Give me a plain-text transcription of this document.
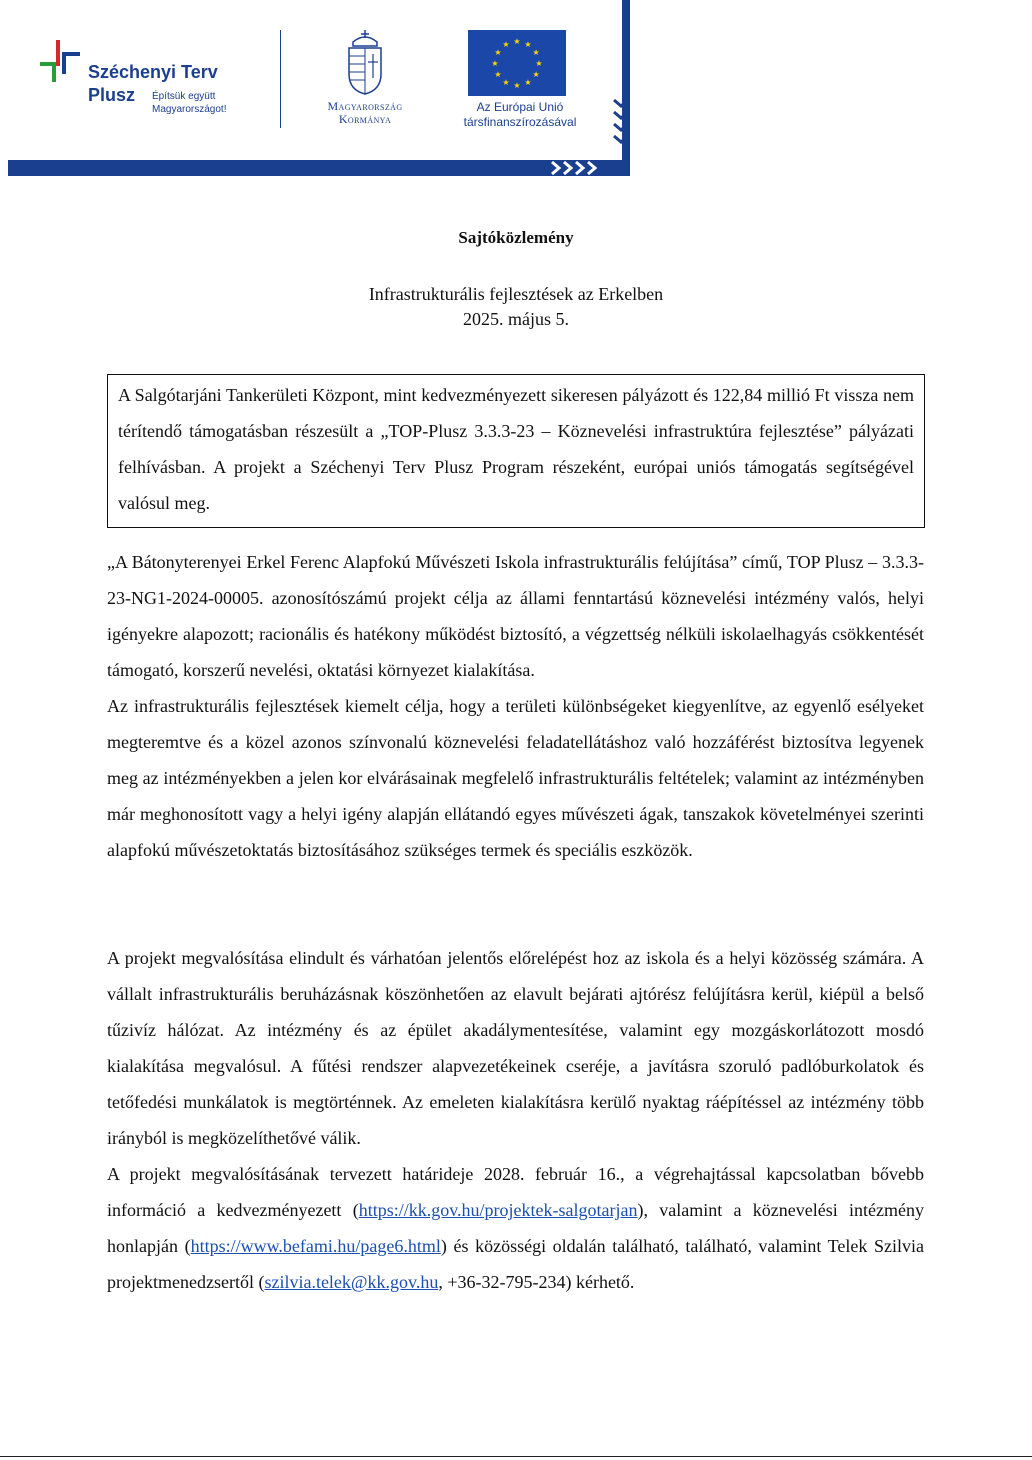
Széchenyi Terv
Plusz Építsük együtt Magyarországot!	Magyarország
Kormánya
★ ★
★
★
★
★
★
★
★
★
★
★
Az Európai Unió
társfinanszírozásával
Sajtóközlemény
Infrastrukturális fejlesztések az Erkelben
2025. május 5.
A Salgótarjáni Tankerületi Központ, mint kedvezményezett sikeresen pályázott és 122,84 millió Ft vissza nem térítendő támogatásban részesült a „TOP-Plusz 3.3.3-23 – Köznevelési infrastruktúra fejlesztése” pályázati felhívásban. A projekt a Széchenyi Terv Plusz Program részeként, európai uniós támogatás segítségével valósul meg.
„A Bátonyterenyei Erkel Ferenc Alapfokú Művészeti Iskola infrastrukturális felújítása” című, TOP Plusz – 3.3.3-23-NG1-2024-00005. azonosítószámú projekt célja az állami fenntartású köznevelési intézmény valós, helyi igényekre alapozott; racionális és hatékony működést biztosító, a végzettség nélküli iskolaelhagyás csökkentését támogató, korszerű nevelési, oktatási környezet kialakítása.
Az infrastrukturális fejlesztések kiemelt célja, hogy a területi különbségeket kiegyenlítve, az egyenlő esélyeket megteremtve és a közel azonos színvonalú köznevelési feladatellátáshoz való hozzáférést biztosítva legyenek meg az intézményekben a jelen kor elvárásainak megfelelő infrastrukturális feltételek; valamint az intézményben már meghonosított vagy a helyi igény alapján ellátandó egyes művészeti ágak, tanszakok követelményei szerinti alapfokú művészetoktatás biztosításához szükséges termek és speciális eszközök.
A projekt megvalósítása elindult és várhatóan jelentős előrelépést hoz az iskola és a helyi közösség számára. A vállalt infrastrukturális beruházásnak köszönhetően az elavult bejárati ajtórész felújításra kerül, kiépül a belső tűzivíz hálózat. Az intézmény és az épület akadálymentesítése, valamint egy mozgáskorlátozott mosdó kialakítása megvalósul. A fűtési rendszer alapvezetékeinek cseréje, a javításra szoruló padlóburkolatok és tetőfedési munkálatok is megtörténnek. Az emeleten kialakításra kerülő nyaktag ráépítéssel az intézmény több irányból is megközelíthetővé válik.
A projekt megvalósításának tervezett határideje 2028. február 16., a végrehajtással kapcsolatban bővebb információ a kedvezményezett (https://kk.gov.hu/projektek-salgotarjan), valamint a köznevelési intézmény honlapján (https://www.befami.hu/page6.html) és közösségi oldalán található, található, valamint Telek Szilvia projektmenedzsertől (szilvia.telek@kk.gov.hu, +36-32-795-234) kérhető.
